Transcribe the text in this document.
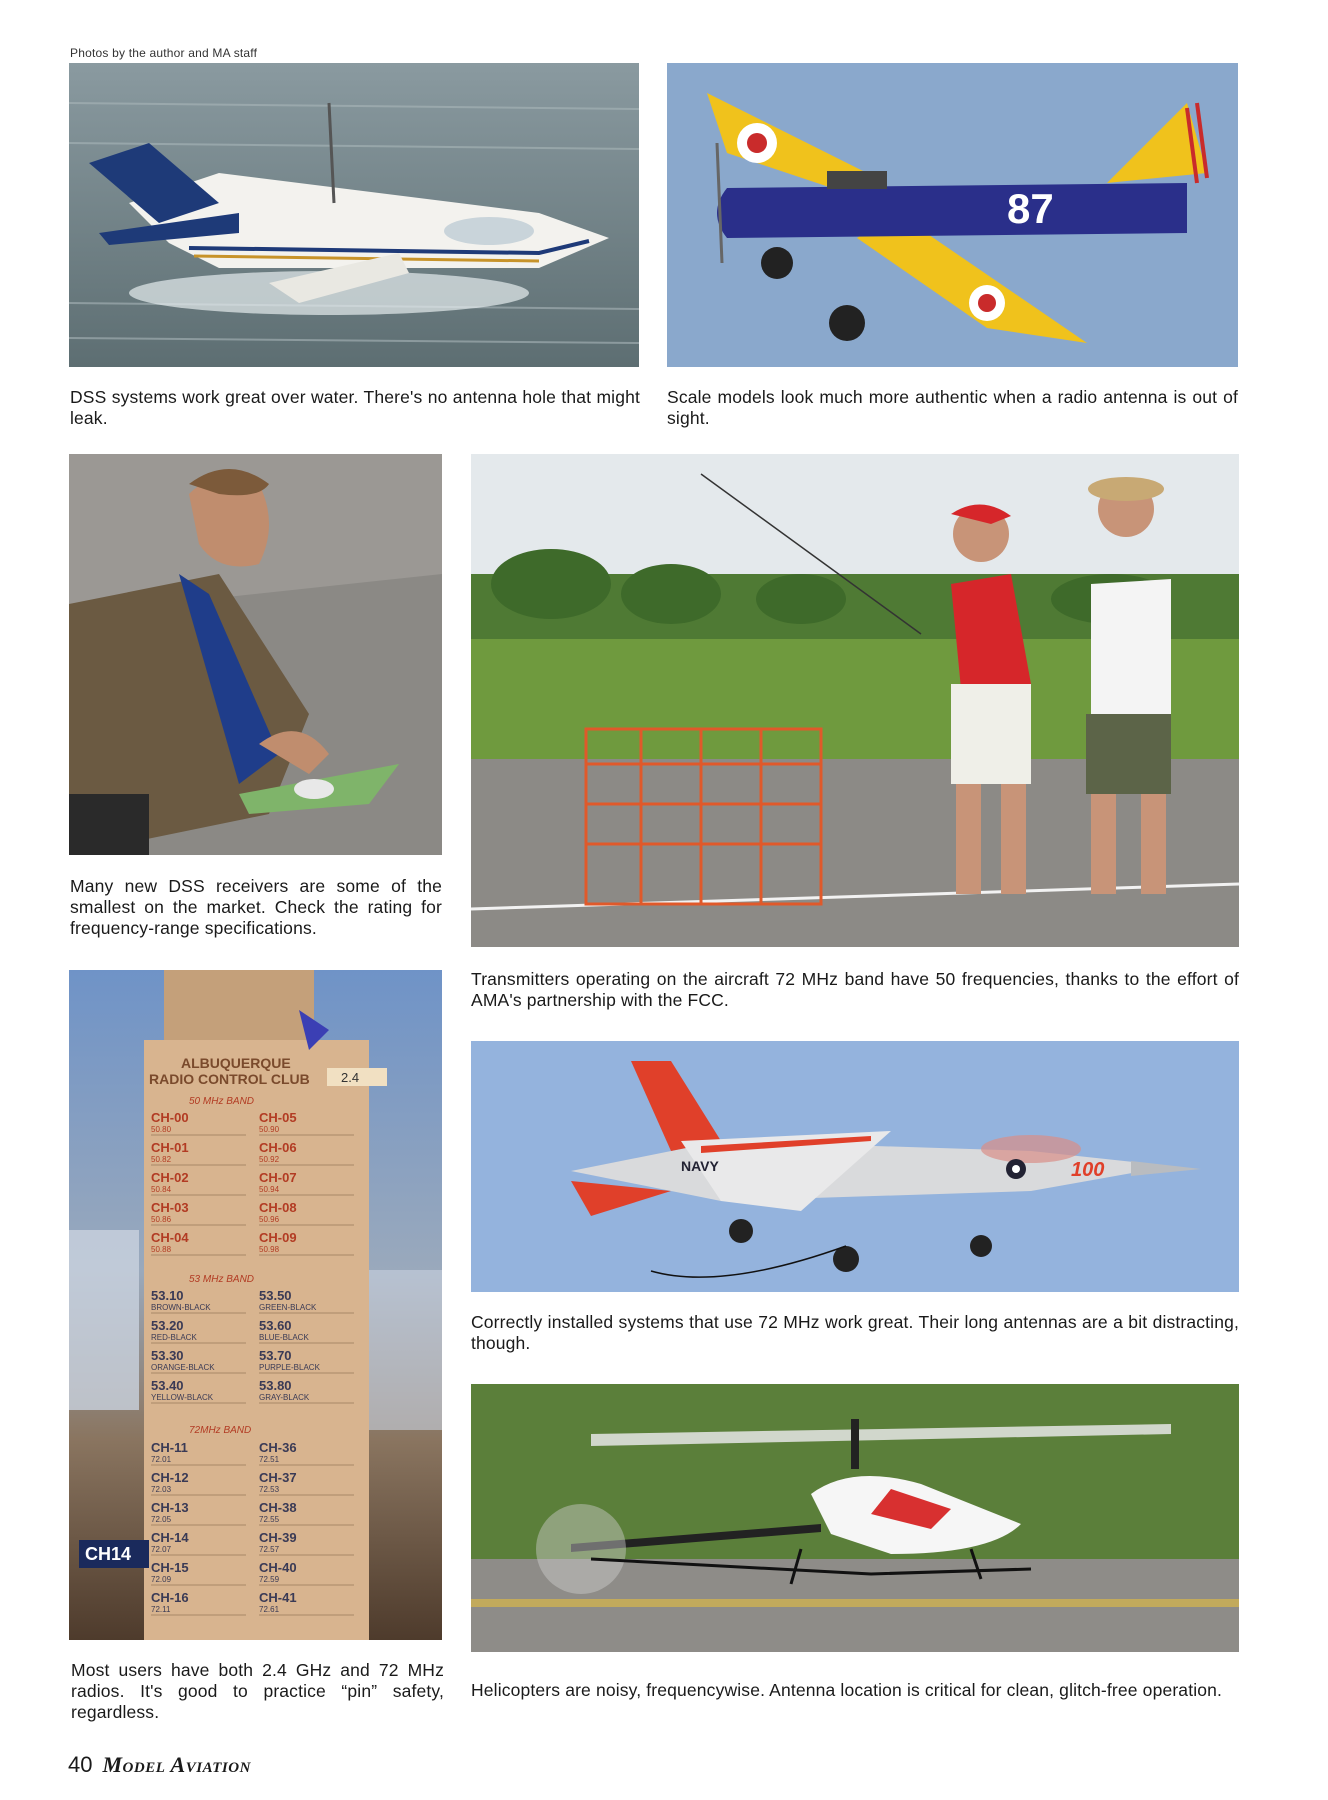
Photos by the author and MA staff
DSS systems work great over water. There's no antenna hole that might leak.
87
Scale models look much more authentic when a radio antenna is out of sight.
Many new DSS receivers are some of the smallest on the market. Check the rating for frequency-range specifications.
Transmitters operating on the aircraft 72 MHz band have 50 frequencies, thanks to the effort of AMA's partnership with the FCC.
ALBUQUERQUE
RADIO CONTROL CLUB 2.4
50 MHz BAND
CH-00
50.80
CH-05
50.90
CH-01
50.82
CH-06
50.92
CH-02
50.84
CH-07
50.94
CH-03
50.86
CH-08
50.96
CH-04
50.88
CH-09
50.98
53 MHz BAND
53.10
BROWN-BLACK
53.50
GREEN-BLACK
53.20
RED-BLACK
53.60
BLUE-BLACK
53.30
ORANGE-BLACK
53.70
PURPLE-BLACK
53.40
YELLOW-BLACK
53.80
GRAY-BLACK
72MHz BAND
CH-11
72.01
CH-36
72.51
CH-12
72.03
CH-37
72.53
CH-13
72.05
CH-38
72.55
CH-14
72.07
CH-39
72.57
CH-15
72.09
CH-40
72.59
CH-16
72.11
CH-41
72.61
CH14
Most users have both 2.4 GHz and 72 MHz radios. It's good to practice “pin” safety, regardless.
NAVY	100
Correctly installed systems that use 72 MHz work great. Their long antennas are a bit distracting, though.
Helicopters are noisy, frequencywise. Antenna location is critical for clean, glitch-free operation.
40 Model Aviation
